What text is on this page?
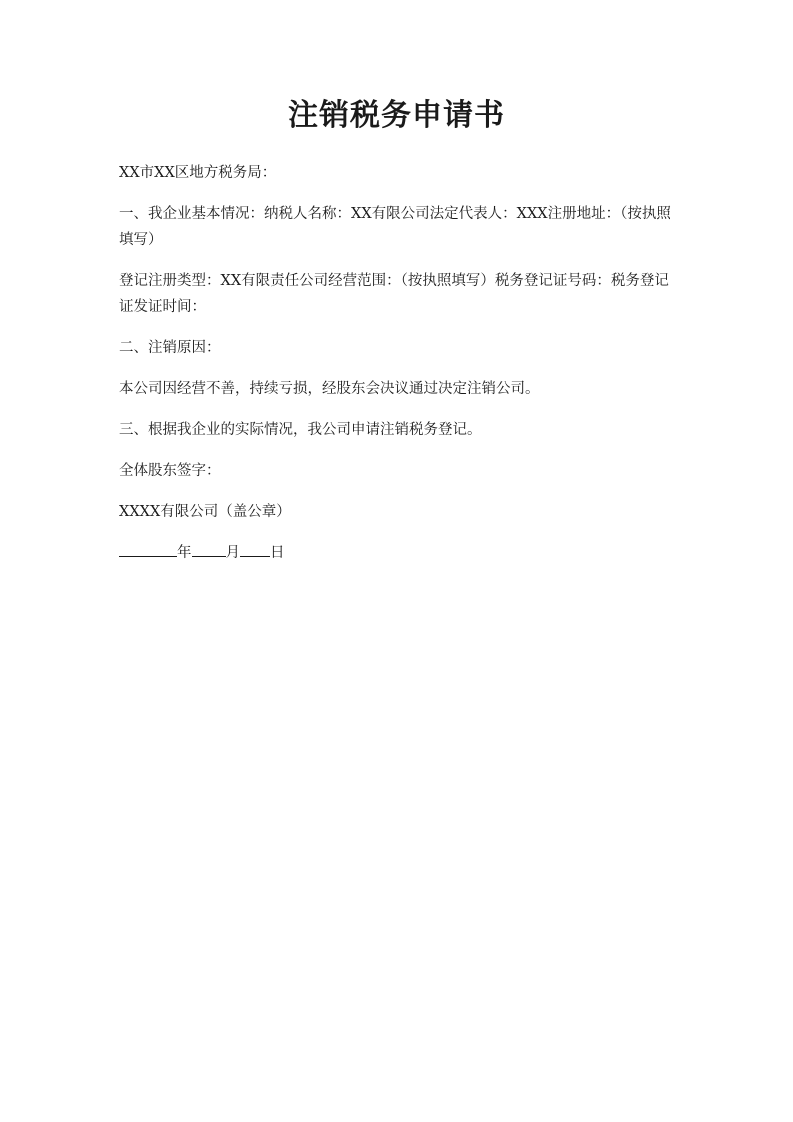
注销税务申请书

XX市XX区地方税务局：

一、我企业基本情况：纳税人名称：XX有限公司法定代表人：XXX注册地址：（按执照填写）

登记注册类型：XX有限责任公司经营范围：（按执照填写）税务登记证号码：税务登记证发证时间：

二、注销原因：

本公司因经营不善，持续亏损，经股东会决议通过决定注销公司。

三、根据我企业的实际情况，我公司申请注销税务登记。

全体股东签字：

XXXX有限公司（盖公章）

年 月 日
